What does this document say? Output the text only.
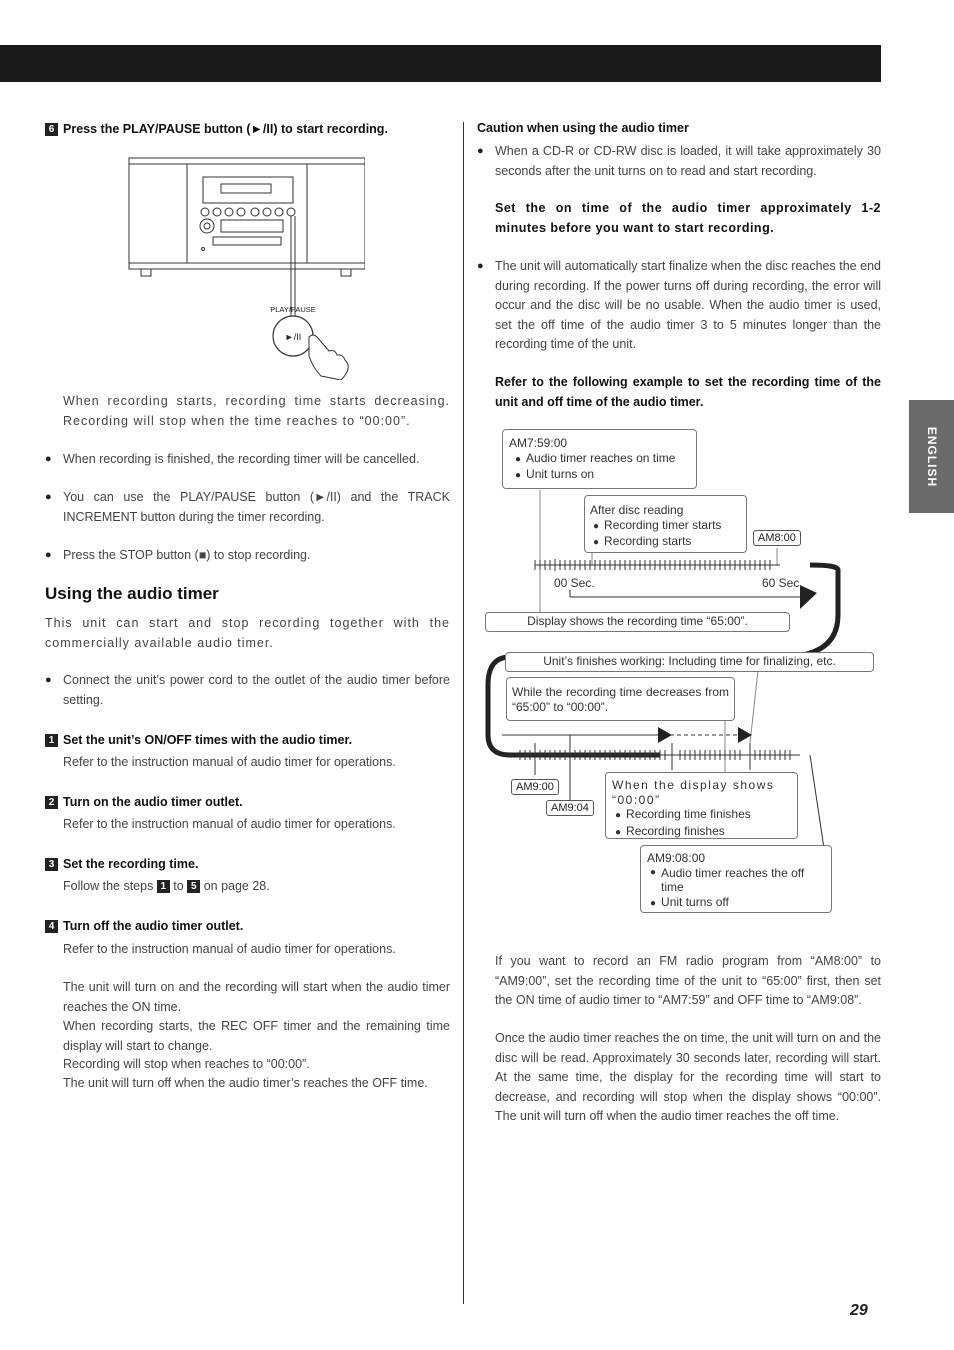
ENGLISH
29
6 Press the PLAY/PAUSE button (►/II) to start recording.
PLAY/PAUSE
►/II
When recording starts, recording time starts decreasing. Recording will stop when the time reaches to “00:00”.
● When recording is finished, the recording timer will be cancelled.
● You can use the PLAY/PAUSE button (►/II) and the TRACK INCREMENT button during the timer recording.
● Press the STOP button (■) to stop recording.
Using the audio timer
This unit can start and stop recording together with the commercially available audio timer.
● Connect the unit’s power cord to the outlet of the audio timer before setting.
1 Set the unit’s ON/OFF times with the audio timer.
Refer to the instruction manual of audio timer for operations.
2 Turn on the audio timer outlet.
Refer to the instruction manual of audio timer for operations.
3 Set the recording time.
Follow the steps 1 to 5 on page 28.
4 Turn off the audio timer outlet.
Refer to the instruction manual of audio timer for operations.
The unit will turn on and the recording will start when the audio timer reaches the ON time.
When recording starts, the REC OFF timer and the remaining time display will start to change.
Recording will stop when reaches to “00:00”.
The unit will turn off when the audio timer’s reaches the OFF time.
Caution when using the audio timer
● When a CD-R or CD-RW disc is loaded, it will take approximately 30 seconds after the unit turns on to read and start recording.
Set the on time of the audio timer approximately 1-2 minutes before you want to start recording.
● The unit will automatically start finalize when the disc reaches the end during recording. If the power turns off during recording, the error will occur and the disc will be no usable. When the audio timer is used, set the off time of the audio timer 3 to 5 minutes longer than the recording time of the unit.
Refer to the following example to set the recording time of the unit and off time of the audio timer.
AM7:59:00
● Audio timer reaches on time
● Unit turns on
After disc reading
● Recording timer starts
● Recording starts	AM8:00
00 Sec.	60 Sec.
Display shows the recording time “65:00”.
Unit’s finishes working: Including time for finalizing, etc.
While the recording time decreases from “65:00” to “00:00”.
AM9:00
AM9:04
When the display shows “00:00”
● Recording time finishes
● Recording finishes
AM9:08:00
● Audio timer reaches the off time
● Unit turns off
If you want to record an FM radio program from “AM8:00” to “AM9:00”, set the recording time of the unit to “65:00” first, then set the ON time of audio timer to “AM7:59” and OFF time to “AM9:08”.
Once the audio timer reaches the on time, the unit will turn on and the disc will be read. Approximately 30 seconds later, recording will start. At the same time, the display for the recording time will start to decrease, and recording will stop when the display shows “00:00”. The unit will turn off when the audio timer reaches the off time.
